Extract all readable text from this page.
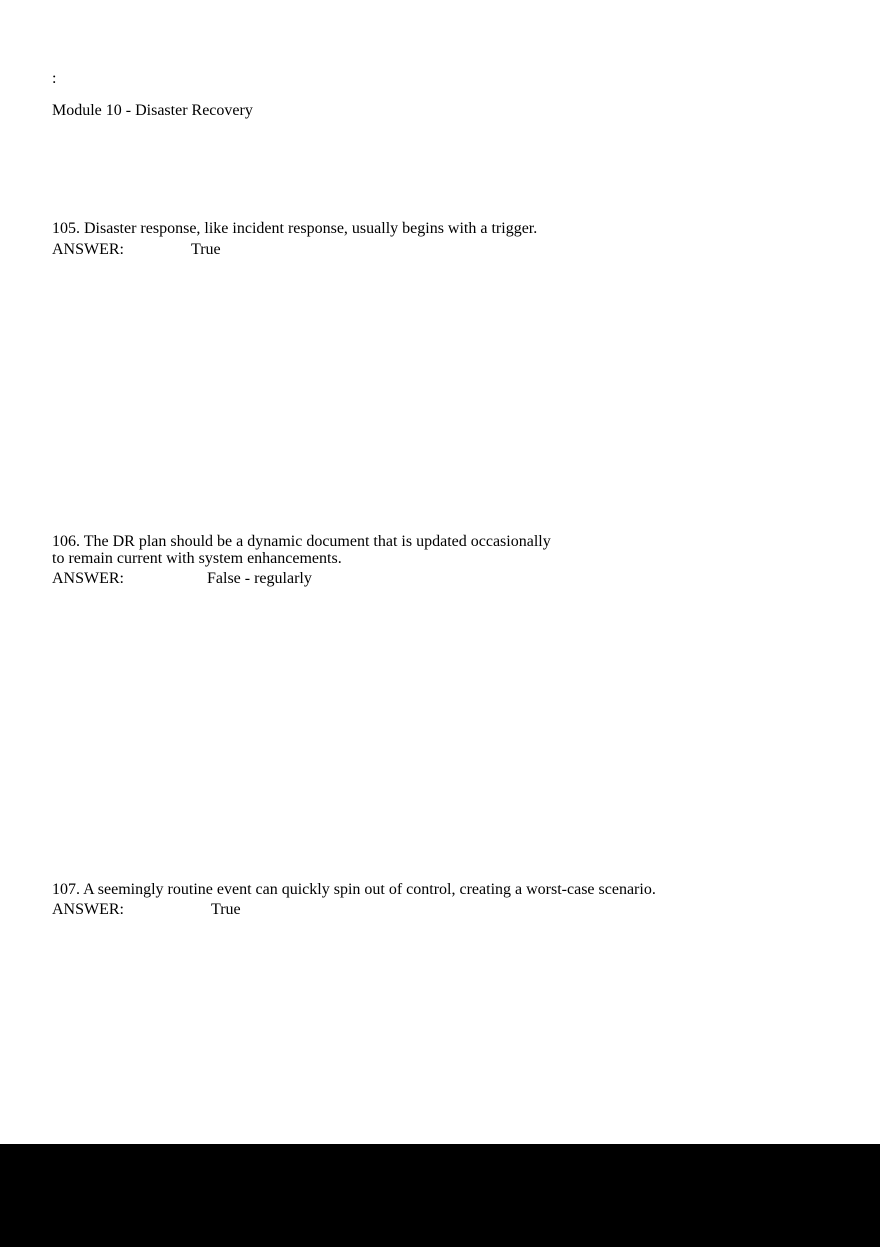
:
Module 10 - Disaster Recovery
105. Disaster response, like incident response, usually begins with a trigger.
ANSWER:	True
106. The DR plan should be a dynamic document that is updated occasionally
to remain current with system enhancements.
ANSWER:	False - regularly
107. A seemingly routine event can quickly spin out of control, creating a worst-case scenario.
ANSWER:	True
